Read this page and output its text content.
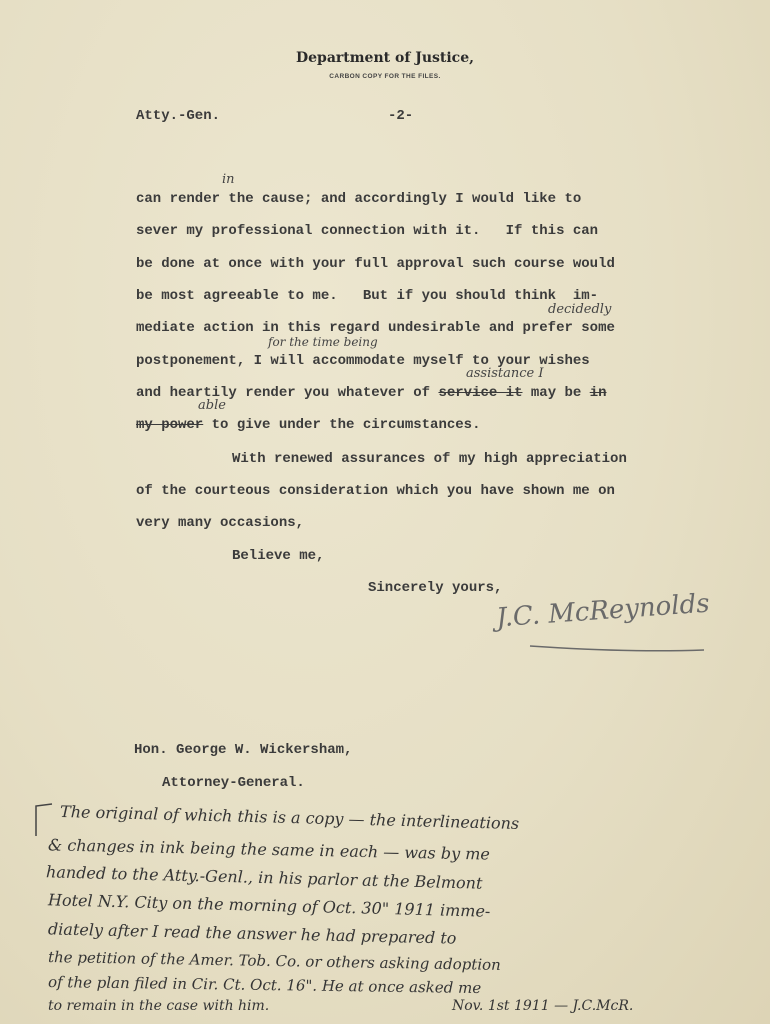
Department of Justice,
CARBON COPY FOR THE FILES.
Atty.-Gen.	-2-
can render the cause; and accordingly I would like to
in
sever my professional connection with it.   If this can
be done at once with your full approval such course would
be most agreeable to me.   But if you should think  im-
mediate action in this regard undesirable and prefer some
decidedly
postponement, I will accommodate myself to your wishes
for the time being
and heartily render you whatever of service it may be in
assistance I
my power to give under the circumstances.
able
With renewed assurances of my high appreciation
of the courteous consideration which you have shown me on
very many occasions,
Believe me,
Sincerely yours,
J.C. McReynolds
Hon. George W. Wickersham,
Attorney-General.
The original of which this is a copy — the interlineations
& changes in ink being the same in each — was by me
handed to the Atty.-Genl., in his parlor at the Belmont
Hotel N.Y. City on the morning of Oct. 30" 1911 imme-
diately after I read the answer he had prepared to
the petition of the Amer. Tob. Co. or others asking adoption
of the plan filed in Cir. Ct. Oct. 16". He at once asked me
to remain in the case with him.	Nov. 1st 1911 — J.C.McR.
